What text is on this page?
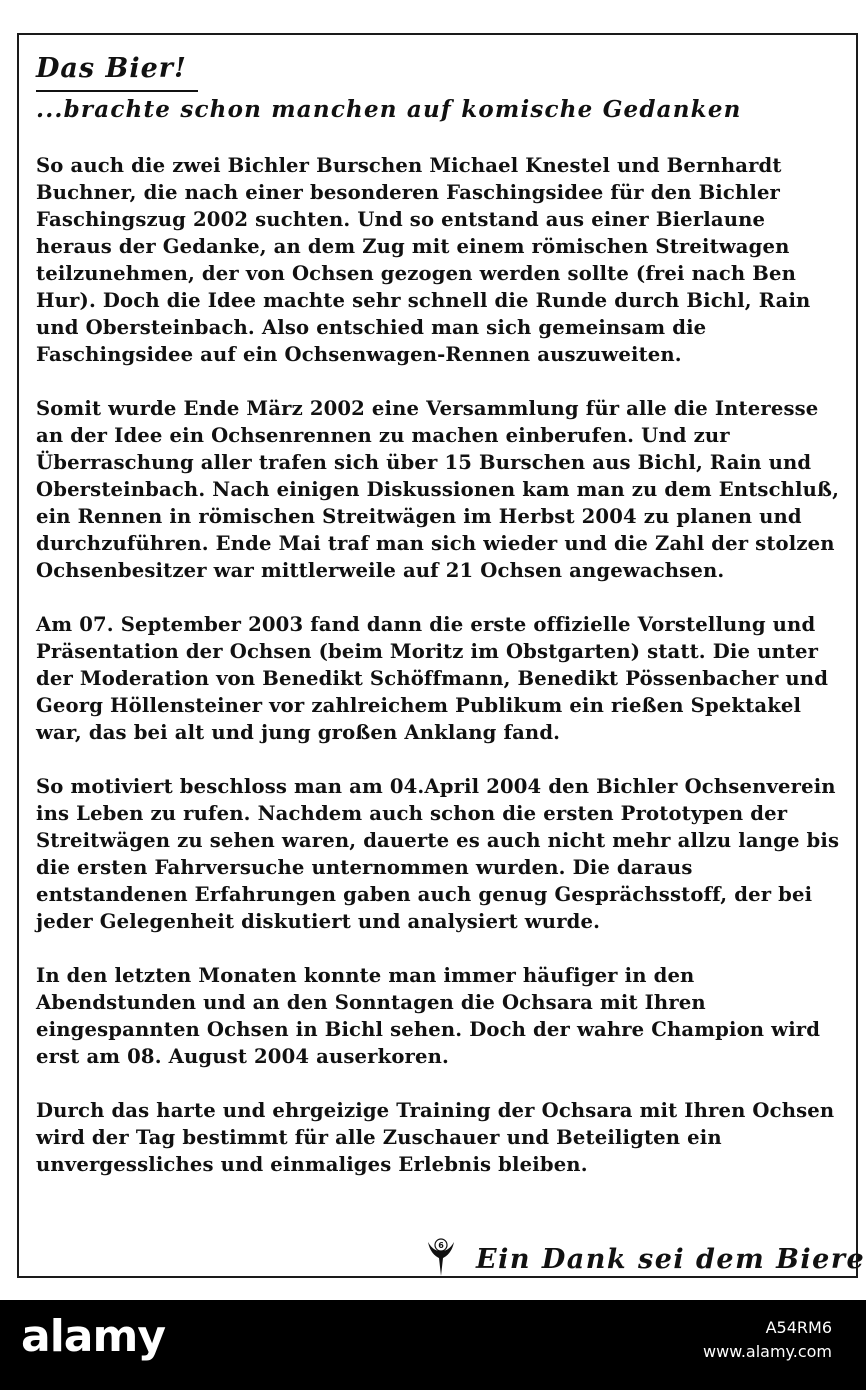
Das Bier!
...brachte schon manchen auf komische Gedanken

So auch die zwei Bichler Burschen Michael Knestel und Bernhardt Buchner, die nach einer besonderen Faschingsidee für den Bichler Faschingszug 2002 suchten. Und so entstand aus einer Bierlaune heraus der Gedanke, an dem Zug mit einem römischen Streitwagen teilzunehmen, der von Ochsen gezogen werden sollte (frei nach Ben Hur). Doch die Idee machte sehr schnell die Runde durch Bichl, Rain und Obersteinbach. Also entschied man sich gemeinsam die Faschingsidee auf ein Ochsenwagen-Rennen auszuweiten.

Somit wurde Ende März 2002 eine Versammlung für alle die Interesse an der Idee ein Ochsenrennen zu machen einberufen. Und zur Überraschung aller trafen sich über 15 Burschen aus Bichl, Rain und Obersteinbach. Nach einigen Diskussionen kam man zu dem Entschluß, ein Rennen in römischen Streitwägen im Herbst 2004 zu planen und durchzuführen. Ende Mai traf man sich wieder und die Zahl der stolzen Ochsenbesitzer war mittlerweile auf 21 Ochsen angewachsen.

Am 07. September 2003 fand dann die erste offizielle Vorstellung und Präsentation der Ochsen (beim Moritz im Obstgarten) statt. Die unter der Moderation von Benedikt Schöffmann, Benedikt Pössenbacher und Georg Höllensteiner vor zahlreichem Publikum ein rießen Spektakel war, das bei alt und jung großen Anklang fand.

So motiviert beschloss man am 04.April 2004 den Bichler Ochsenverein ins Leben zu rufen. Nachdem auch schon die ersten Prototypen der Streitwägen zu sehen waren, dauerte es auch nicht mehr allzu lange bis die ersten Fahrversuche unternommen wurden. Die daraus entstandenen Erfahrungen gaben auch genug Gesprächsstoff, der bei jeder Gelegenheit diskutiert und analysiert wurde.

In den letzten Monaten konnte man immer häufiger in den Abendstunden und an den Sonntagen die Ochsara mit Ihren eingespannten Ochsen in Bichl sehen. Doch der wahre Champion wird erst am 08. August 2004 auserkoren.

Durch das harte und ehrgeizige Training der Ochsara mit Ihren Ochsen wird der Tag bestimmt für alle Zuschauer und Beteiligten ein unvergessliches und einmaliges Erlebnis bleiben.

6 Ein Dank sei dem Biere
alamy	A54RM6
www.alamy.com
